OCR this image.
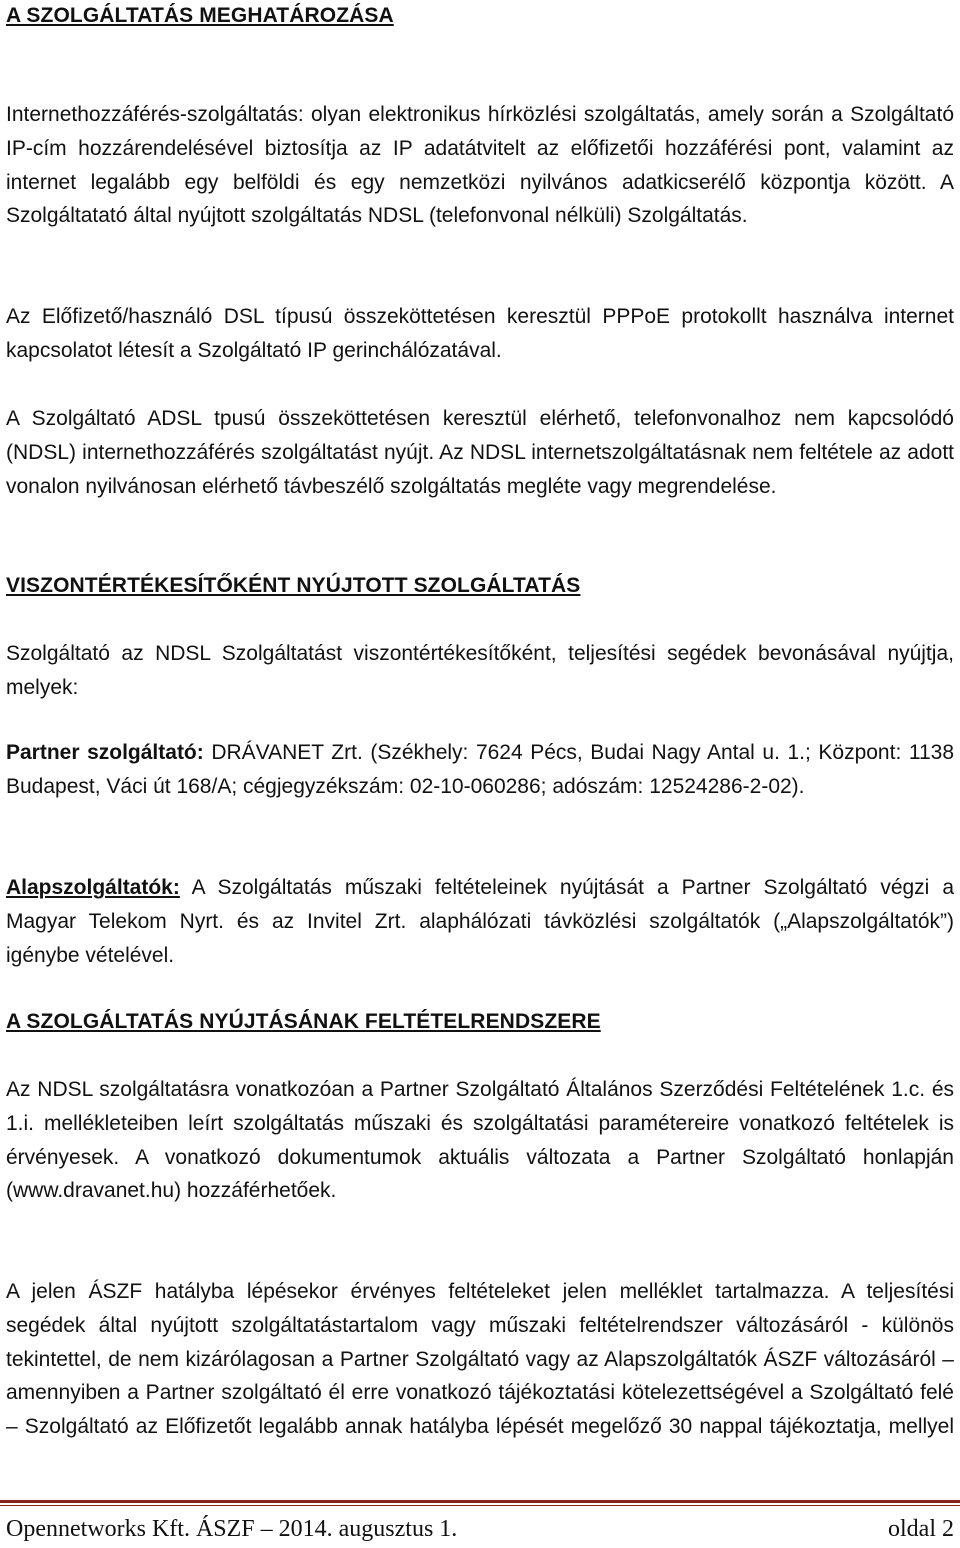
A SZOLGÁLTATÁS MEGHATÁROZÁSA

Internethozzáférés-szolgáltatás: olyan elektronikus hírközlési szolgáltatás, amely során a Szolgáltató IP-cím hozzárendelésével biztosítja az IP adatátvitelt az előfizetői hozzáférési pont, valamint az internet legalább egy belföldi és egy nemzetközi nyilvános adatkicserélő központja között. A Szolgáltatató által nyújtott szolgáltatás NDSL (telefonvonal nélküli) Szolgáltatás.

Az Előfizető/használó DSL típusú összeköttetésen keresztül PPPoE protokollt használva internet kapcsolatot létesít a Szolgáltató IP gerinchálózatával.

A Szolgáltató ADSL tpusú összeköttetésen keresztül elérhető, telefonvonalhoz nem kapcsolódó (NDSL) internethozzáférés szolgáltatást nyújt. Az NDSL internetszolgáltatásnak nem feltétele az adott vonalon nyilvánosan elérhető távbeszélő szolgáltatás megléte vagy megrendelése.

VISZONTÉRTÉKESÍTŐKÉNT NYÚJTOTT SZOLGÁLTATÁS

Szolgáltató az NDSL Szolgáltatást viszontértékesítőként, teljesítési segédek bevonásával nyújtja, melyek:

Partner szolgáltató: DRÁVANET Zrt. (Székhely: 7624 Pécs, Budai Nagy Antal u. 1.; Központ: 1138 Budapest, Váci út 168/A; cégjegyzékszám: 02-10-060286; adószám: 12524286-2-02).

Alapszolgáltatók: A Szolgáltatás műszaki feltételeinek nyújtását a Partner Szolgáltató végzi a Magyar Telekom Nyrt. és az Invitel Zrt. alaphálózati távközlési szolgáltatók („Alapszolgáltatók”) igénybe vételével.

A SZOLGÁLTATÁS NYÚJTÁSÁNAK FELTÉTELRENDSZERE

Az NDSL szolgáltatásra vonatkozóan a Partner Szolgáltató Általános Szerződési Feltételének 1.c. és 1.i. mellékleteiben leírt szolgáltatás műszaki és szolgáltatási paramétereire vonatkozó feltételek is érvényesek. A vonatkozó dokumentumok aktuális változata a Partner Szolgáltató honlapján (www.dravanet.hu) hozzáférhetőek.

A jelen ÁSZF hatályba lépésekor érvényes feltételeket jelen melléklet tartalmazza. A teljesítési segédek által nyújtott szolgáltatástartalom vagy műszaki feltételrendszer változásáról - különös tekintettel, de nem kizárólagosan a Partner Szolgáltató vagy az Alapszolgáltatók ÁSZF változásáról – amennyiben a Partner szolgáltató él erre vonatkozó tájékoztatási kötelezettségével a Szolgáltató felé – Szolgáltató az Előfizetőt legalább annak hatályba lépését megelőző 30 nappal tájékoztatja, mellyel

Opennetworks Kft. ÁSZF – 2014. augusztus 1.	oldal 2
